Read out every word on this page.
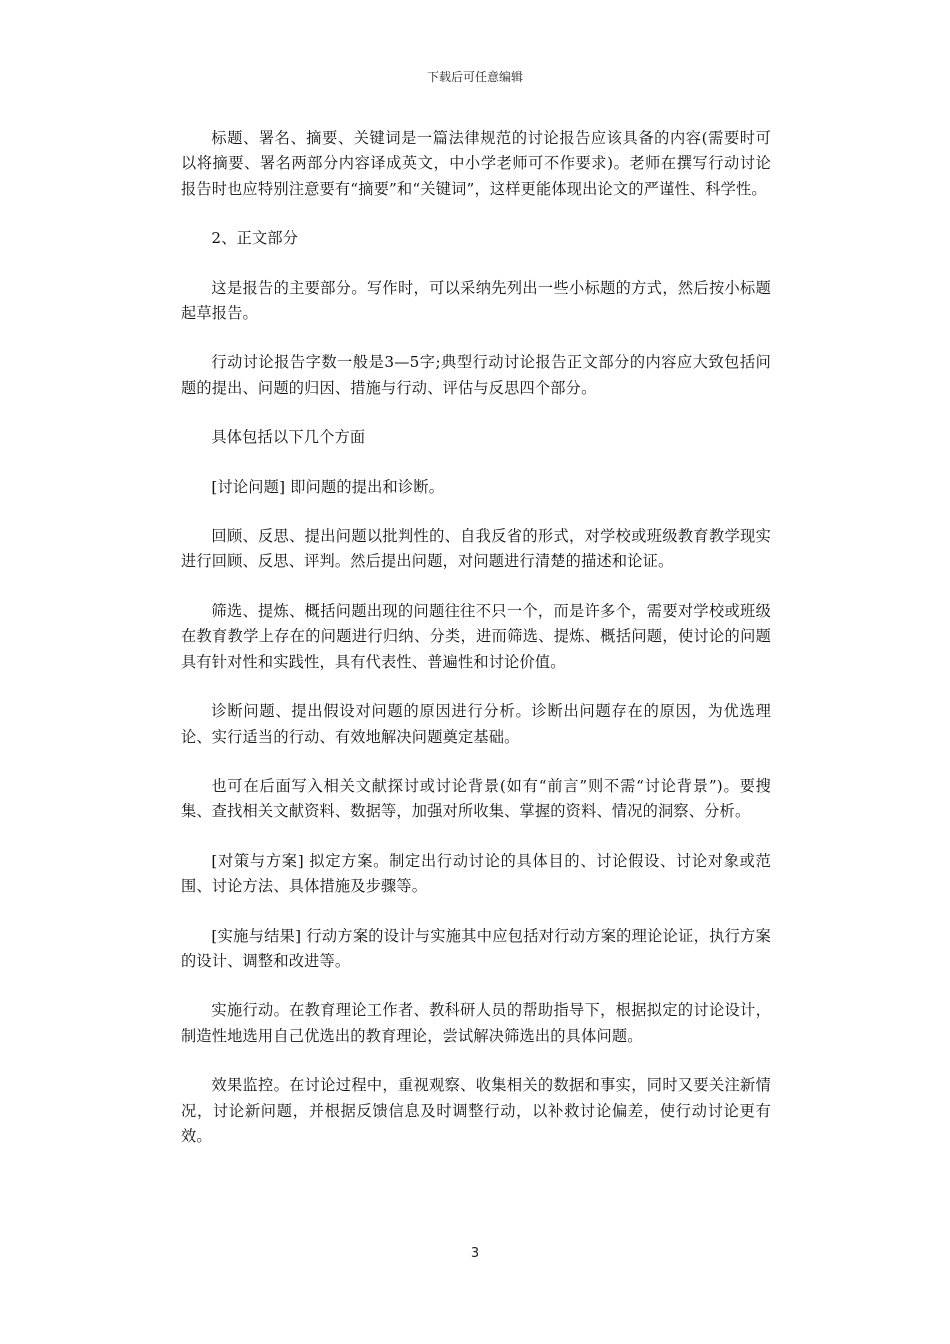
下载后可任意编辑

标题、署名、摘要、关键词是一篇法律规范的讨论报告应该具备的内容(需要时可以将摘要、署名两部分内容译成英文，中小学老师可不作要求)。老师在撰写行动讨论报告时也应特别注意要有“摘要”和“关键词”，这样更能体现出论文的严谨性、科学性。

2、正文部分

这是报告的主要部分。写作时，可以采纳先列出一些小标题的方式，然后按小标题起草报告。

行动讨论报告字数一般是3—5字;典型行动讨论报告正文部分的内容应大致包括问题的提出、问题的归因、措施与行动、评估与反思四个部分。

具体包括以下几个方面

[讨论问题] 即问题的提出和诊断。

回顾、反思、提出问题以批判性的、自我反省的形式，对学校或班级教育教学现实进行回顾、反思、评判。然后提出问题，对问题进行清楚的描述和论证。

筛选、提炼、概括问题出现的问题往往不只一个，而是许多个，需要对学校或班级在教育教学上存在的问题进行归纳、分类，进而筛选、提炼、概括问题，使讨论的问题具有针对性和实践性，具有代表性、普遍性和讨论价值。

诊断问题、提出假设对问题的原因进行分析。诊断出问题存在的原因，为优选理论、实行适当的行动、有效地解决问题奠定基础。

也可在后面写入相关文献探讨或讨论背景(如有“前言”则不需“讨论背景”)。要搜集、查找相关文献资料、数据等，加强对所收集、掌握的资料、情况的洞察、分析。

[对策与方案] 拟定方案。制定出行动讨论的具体目的、讨论假设、讨论对象或范围、讨论方法、具体措施及步骤等。

[实施与结果] 行动方案的设计与实施其中应包括对行动方案的理论论证，执行方案的设计、调整和改进等。

实施行动。在教育理论工作者、教科研人员的帮助指导下，根据拟定的讨论设计，制造性地选用自己优选出的教育理论，尝试解决筛选出的具体问题。

效果监控。在讨论过程中，重视观察、收集相关的数据和事实，同时又要关注新情况，讨论新问题，并根据反馈信息及时调整行动，以补救讨论偏差，使行动讨论更有效。

3
